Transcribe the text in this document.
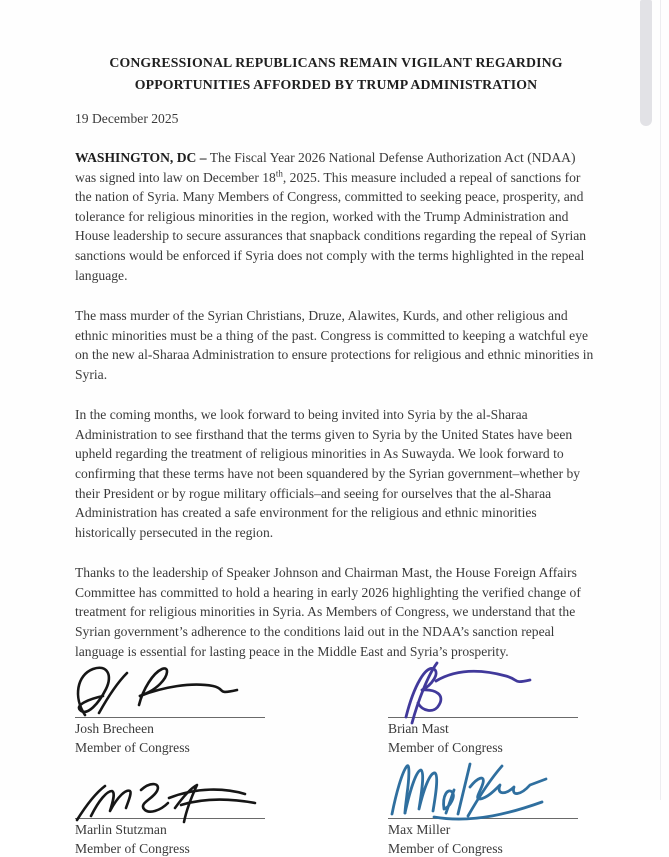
CONGRESSIONAL REPUBLICANS REMAIN VIGILANT REGARDING
OPPORTUNITIES AFFORDED BY TRUMP ADMINISTRATION
19 December 2025

WASHINGTON, DC – The Fiscal Year 2026 National Defense Authorization Act (NDAA) was signed into law on December 18th, 2025. This measure included a repeal of sanctions for the nation of Syria. Many Members of Congress, committed to seeking peace, prosperity, and tolerance for religious minorities in the region, worked with the Trump Administration and House leadership to secure assurances that snapback conditions regarding the repeal of Syrian sanctions would be enforced if Syria does not comply with the terms highlighted in the repeal language.

The mass murder of the Syrian Christians, Druze, Alawites, Kurds, and other religious and ethnic minorities must be a thing of the past. Congress is committed to keeping a watchful eye on the new al-Sharaa Administration to ensure protections for religious and ethnic minorities in Syria.

In the coming months, we look forward to being invited into Syria by the al-Sharaa Administration to see firsthand that the terms given to Syria by the United States have been upheld regarding the treatment of religious minorities in As Suwayda. We look forward to confirming that these terms have not been squandered by the Syrian government–whether by their President or by rogue military officials–and seeing for ourselves that the al-Sharaa Administration has created a safe environment for the religious and ethnic minorities historically persecuted in the region.

Thanks to the leadership of Speaker Johnson and Chairman Mast, the House Foreign Affairs Committee has committed to hold a hearing in early 2026 highlighting the verified change of treatment for religious minorities in Syria. As Members of Congress, we understand that the Syrian government’s adherence to the conditions laid out in the NDAA’s sanction repeal language is essential for lasting peace in the Middle East and Syria’s prosperity.

Josh Brecheen
Member of Congress
Brian Mast
Member of Congress
Marlin Stutzman
Member of Congress
Max Miller
Member of Congress
